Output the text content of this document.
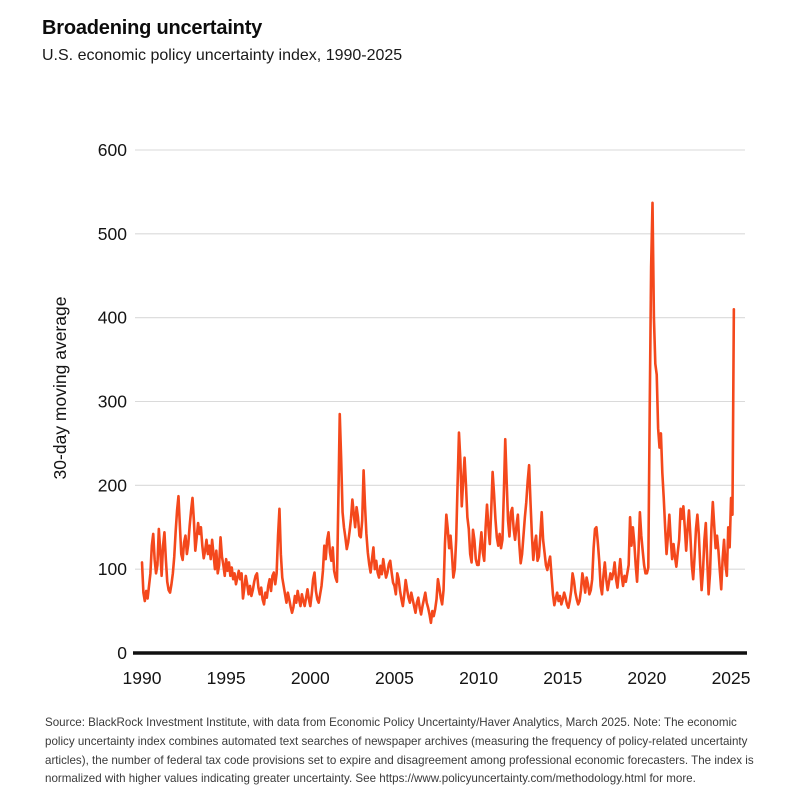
Broadening uncertainty

U.S. economic policy uncertainty index, 1990-2025

0
100
200
300
400
500
600
1990	1995	2000	2005	2010	2015	2020	2025
30-day moving average

Source: BlackRock Investment Institute, with data from Economic Policy Uncertainty/Haver Analytics, March 2025. Note: The economic policy uncertainty index combines automated text searches of newspaper archives (measuring the frequency of policy-related uncertainty articles), the number of federal tax code provisions set to expire and disagreement among professional economic forecasters. The index is normalized with higher values indicating greater uncertainty. See https://www.policyuncertainty.com/methodology.html for more.
